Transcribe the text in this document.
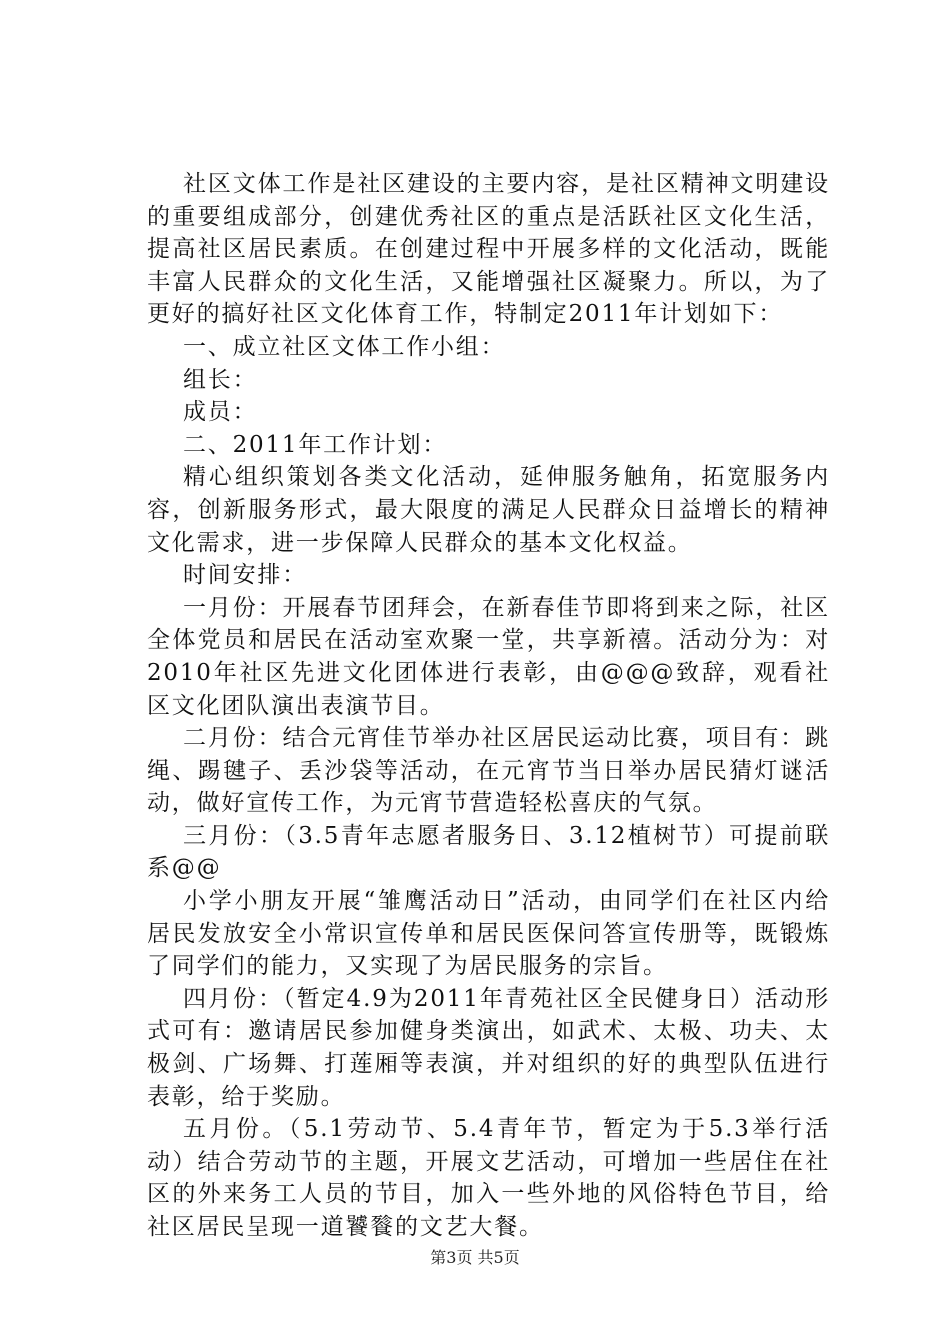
社区文体工作是社区建设的主要内容，是社区精神文明建设的重要组成部分，创建优秀社区的重点是活跃社区文化生活，提高社区居民素质。在创建过程中开展多样的文化活动，既能丰富人民群众的文化生活，又能增强社区凝聚力。所以，为了更好的搞好社区文化体育工作，特制定2011年计划如下：

一、成立社区文体工作小组：

组长：

成员：

二、2011年工作计划：

精心组织策划各类文化活动，延伸服务触角，拓宽服务内容，创新服务形式，最大限度的满足人民群众日益增长的精神文化需求，进一步保障人民群众的基本文化权益。

时间安排：

一月份：开展春节团拜会，在新春佳节即将到来之际，社区全体党员和居民在活动室欢聚一堂，共享新禧。活动分为：对2010年社区先进文化团体进行表彰，由@@@致辞，观看社区文化团队演出表演节目。

二月份：结合元宵佳节举办社区居民运动比赛，项目有：跳绳、踢毽子、丢沙袋等活动，在元宵节当日举办居民猜灯谜活动，做好宣传工作，为元宵节营造轻松喜庆的气氛。

三月份：（3.5青年志愿者服务日、3.12植树节）可提前联系@@

小学小朋友开展“雏鹰活动日”活动，由同学们在社区内给居民发放安全小常识宣传单和居民医保问答宣传册等，既锻炼了同学们的能力，又实现了为居民服务的宗旨。

四月份：（暂定4.9为2011年青苑社区全民健身日）活动形式可有：邀请居民参加健身类演出，如武术、太极、功夫、太极剑、广场舞、打莲厢等表演，并对组织的好的典型队伍进行表彰，给于奖励。

五月份。（5.1劳动节、5.4青年节，暂定为于5.3举行活动）结合劳动节的主题，开展文艺活动，可增加一些居住在社区的外来务工人员的节目，加入一些外地的风俗特色节目，给社区居民呈现一道饕餮的文艺大餐。

第3页 共5页
